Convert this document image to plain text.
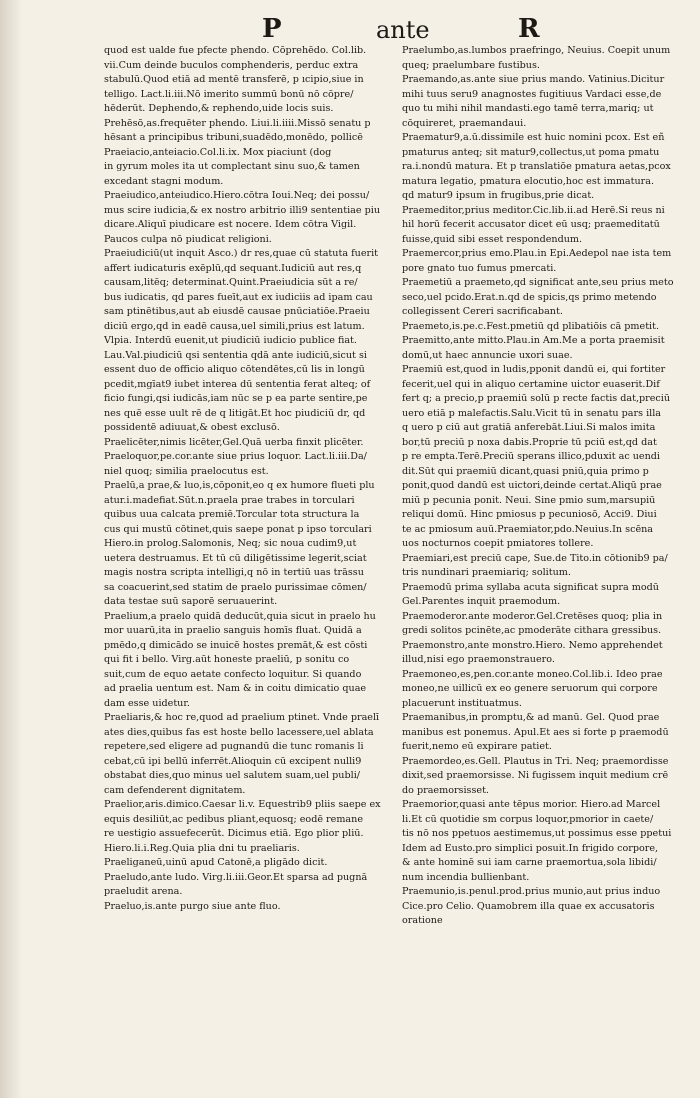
P	ante	R
quod est ualde fue pfecte phendo. Cōprehēdo. Col.lib.
vii.Cum deinde buculos comphenderis, perduc extra
stabulū.Quod etiā ad mentē transferē, p ıcipio,siue in
telligo. Lact.li.iii.Nō imerito summū bonū nō cōpre/
hēderūt. Dephendo,& rephendo,uide locis suis.
Prehēsō,as.frequēter phendo. Liui.li.iiii.Missō senatu p
hēsant a principibus tribuni,suadēdo,monēdo, pollicē
Praeiacio,anteiacio.Col.li.ix. Mox piaciunt (dog
in gyrum moles ita ut complectant sinu suo,& tamen
excedant stagni modum.
Praeiudico,anteiudico.Hiero.cōtra Ioui.Neq; dei possu/
mus scire iudicia,& ex nostro arbitrio illi9 sententiae piu
dicare.Aliquī piudicare est nocere. Idem cōtra Vigil.
Paucos culpa nō piudicat religioni.
Praeiudiciū(ut inquit Asco.) dr res,quae cū statuta fuerit
affert iudicaturis exēplū,qd sequant.Iudiciū aut res,q
causam,litēq; determinat.Quint.Praeiudicia sūt a re/
bus iudicatis, qd pares fueīt,aut ex iudiciis ad ipam cau
sam ptinētibus,aut ab eiusdē causae pnūciatiōe.Praeiu
diciū ergo,qd in eadē causa,uel simili,prius est latum.
Vlpia. Interdū euenit,ut piudiciū iudicio publice fiat.
Lau.Val.piudiciū qsi sententia qdā ante iudiciū,sicut si
essent duo de officio aliquo cōtendētes,cū lis in longū
pcedit,mgīat9 iubet interea dū sententia ferat alteq; of
ficio fungi,qsi iudicās,iam nūc se p ea parte sentire,pe
nes quē esse uult rē de q litigāt.Et hoc piudiciū dr, qd
possidentē adiuuat,& obest exclusō.
Praelicēter,nimis licēter,Gel.Quā uerba finxit plicēter.
Praeloquor,pe.cor.ante siue prius loquor. Lact.li.iii.Da/
niel quoq; similia praelocutus est.
Praelū,a prae,& luo,is,cōponit,eo q ex humore flueti plu
atur.i.madefiat.Sūt.n.praela prae trabes in torculari
quibus uua calcata premiē.Torcular tota structura la
cus qui mustū cōtinet,quis saepe ponat p ipso torculari
Hiero.in prolog.Salomonis, Neq; sic noua cudim9,ut
uetera destruamus. Et tū cū diligētissime legerit,sciat
magis nostra scripta intelligi,q nō in tertiū uas trāssu
sa coacuerint,sed statim de praelo purissimae cōmen/
data testae suū saporē seruauerint.
Praelium,a praelo quidā deducūt,quia sicut in praelo hu
mor uuarū,ita in praelio sanguis homīs fluat. Quidā a
pmēdo,q dimicādo se inuicē hostes premāt,& est cōsti
qui fit i bello. Virg.aūt honeste praeliū, p sonitu co
suit,cum de equo aetate confecto loquitur. Si quando
ad praelia uentum est. Nam & in coitu dimicatio quae
dam esse uidetur.
Praeliaris,& hoc re,quod ad praelium ptinet. Vnde praelī
ates dies,quibus fas est hoste bello lacessere,uel ablata
repetere,sed eligere ad pugnandū die tunc romanis li
cebat,cū ipi bellū inferrēt.Alioquin cū excipent nulli9
obstabat dies,quo minus uel salutem suam,uel publi/
cam defenderent dignitatem.
Praelior,aris.dimico.Caesar li.v. Equestrib9 pliis saepe ex
equis desiliūt,ac pedibus pliant,equosq; eodē remane
re uestigio assuefecerūt. Dicimus etiā. Ego plior pliū.
Hiero.li.i.Reg.Quia plia dni tu praeliaris.
Praeliganeū,uinū apud Catonē,a pligādo dicit.
Praeludo,ante ludo. Virg.li.iii.Geor.Et sparsa ad pugnā
praeludit arena.
Praeluo,is.ante purgo siue ante fluo.
Praelumbo,as.lumbos praefringo, Neuius. Coepit unum
queq; praelumbare fustibus.
Praemando,as.ante siue prius mando. Vatinius.Dicitur
mihi tuus seru9 anagnostes fugitiuus Vardaci esse,de
quo tu mihi nihil mandasti.ego tamē terra,mariq; ut
cōquireret, praemandaui.
Praematur9,a.ū.dissimile est huic nomini pcox. Est eñ
pmaturus anteq; sit matur9,collectus,ut poma pmatu
ra.i.nondū matura. Et p translatiōe pmatura aetas,pcox
matura legatio, pmatura elocutio,hoc est immatura.
qd matur9 ipsum in frugibus,prie dicat.
Praemeditor,prius meditor.Cic.lib.ii.ad Herē.Si reus ni
hil horū fecerit accusator dicet eū usq; praemeditatū
fuisse,quid sibi esset respondendum.
Praemercor,prius emo.Plau.in Epi.Aedepol nae ista tem
pore gnato tuo fumus pmercati.
Praemetiū a praemeto,qd significat ante,seu prius meto
seco,uel pcido.Erat.n.qd de spicis,qs primo metendo
collegissent Cereri sacrificabant.
Praemeto,is.pe.c.Fest.pmetiū qd plibatiōis cā pmetit.
Praemitto,ante mitto.Plau.in Am.Me a porta praemisit
domū,ut haec annuncie uxori suae.
Praemiū est,quod in ludis,pponit dandū ei, qui fortiter
fecerit,uel qui in aliquo certamine uictor euaserit.Dif
fert q; a precio,p praemiū solū p recte factis dat,preciū
uero etiā p malefactis.Salu.Vicit tū in senatu pars illa
q uero p ciū aut gratiā anferebāt.Liui.Si malos imita
bor,tū preciū p noxa dabis.Proprie tū pciū est,qd dat
p re empta.Terē.Preciū sperans illico,pduxit ac uendi
dit.Sūt qui praemiū dicant,quasi pniū,quia primo p
ponit,quod dandū est uictori,deinde certat.Aliqū prae
miū p pecunia ponit. Neui. Sine pmio sum,marsupiū
reliqui domū. Hinc pmiosus p pecuniosō, Acci9. Diui
te ac pmiosum auū.Praemiator,pdo.Neuius.In scēna
uos nocturnos coepit pmiatores tollere.
Praemiari,est preciū cape, Sue.de Tito.in cōtionib9 pa/
tris nundinari praemiariq; solitum.
Praemodū prima syllaba acuta significat supra modū
Gel.Parentes inquit praemodum.
Praemoderor.ante moderor.Gel.Cretēses quoq; plia in
gredi solitos pcinēte,ac pmoderāte cithara gressibus.
Praemonstro,ante monstro.Hiero. Nemo apprehendet
illud,nisi ego praemonstrauero.
Praemoneo,es,pen.cor.ante moneo.Col.lib.i. Ideo prae
moneo,ne uillicū ex eo genere seruorum qui corpore
placuerunt instituatmus.
Praemanibus,in promptu,& ad manū. Gel. Quod prae
manibus est ponemus. Apul.Et aes si forte p praemodū
fuerit,nemo eū expirare patiet.
Praemordeo,es.Gell. Plautus in Tri. Neq; praemordisse
dixit,sed praemorsisse. Ni fugissem inquit medium crē
do praemorsisset.
Praemorior,quasi ante tēpus morior. Hiero.ad Marcel
li.Et cū quotidie sm corpus loquor,pmorior in caete/
tis nō nos ppetuos aestimemus,ut possimus esse ppetui
Idem ad Eusto.pro simplici posuit.In frigido corpore,
& ante hominē sui iam carne praemortua,sola libidi/
num incendia bullienbant.
Praemunio,is.penul.prod.prius munio,aut prius induo
Cice.pro Celio. Quamobrem illa quae ex accusatoris
oratione
